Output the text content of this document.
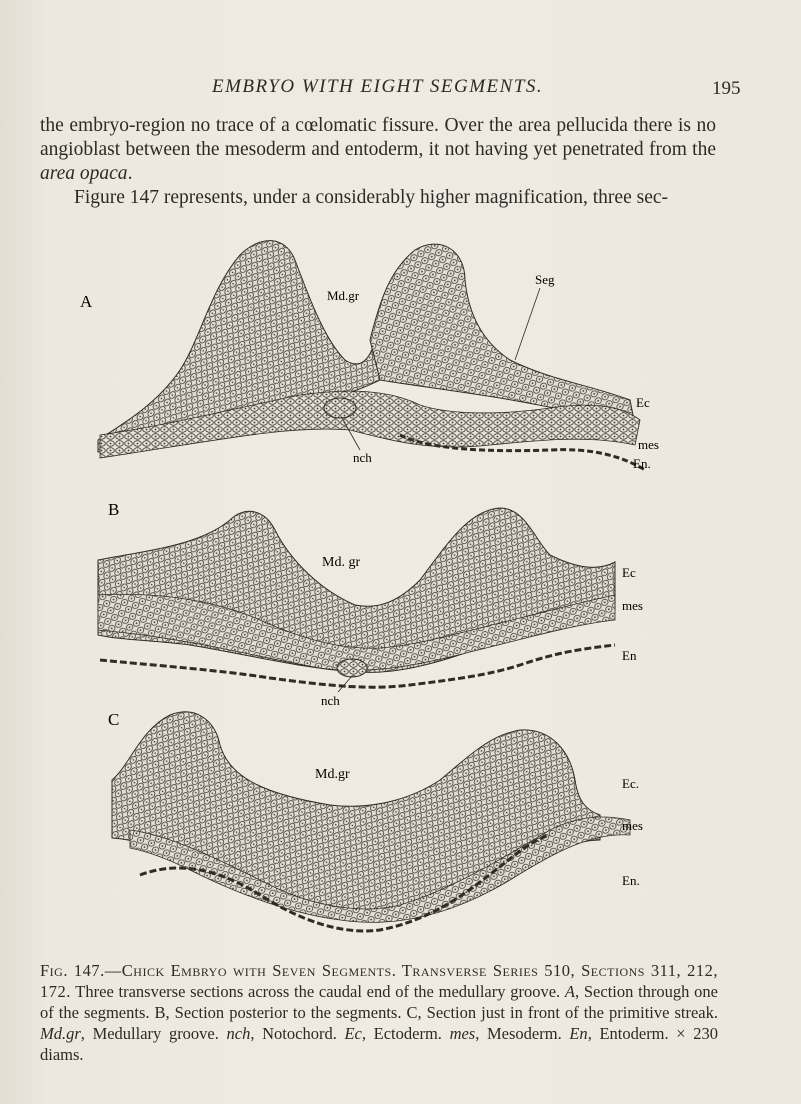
EMBRYO WITH EIGHT SEGMENTS.	195

the embryo-region no trace of a cœlomatic fissure. Over the area pellucida there is no angioblast between the mesoderm and entoderm, it not having yet penetrated from the area opaca.

Figure 147 represents, under a considerably higher magnification, three sec-

A	Md.gr
Seg
Ec
mes
En.
nch
B
Md. gr
Ec
mes
En
nch
C
Md.gr
Ec.
mes
En.
Fig. 147.—Chick Embryo with Seven Segments. Transverse Series 510, Sections 311, 212, 172. Three transverse sections across the caudal end of the medullary groove. A, Section through one of the segments. B, Section posterior to the segments. C, Section just in front of the primitive streak. Md.gr, Medullary groove. nch, Notochord. Ec, Ectoderm. mes, Mesoderm. En, Entoderm. × 230 diams.
